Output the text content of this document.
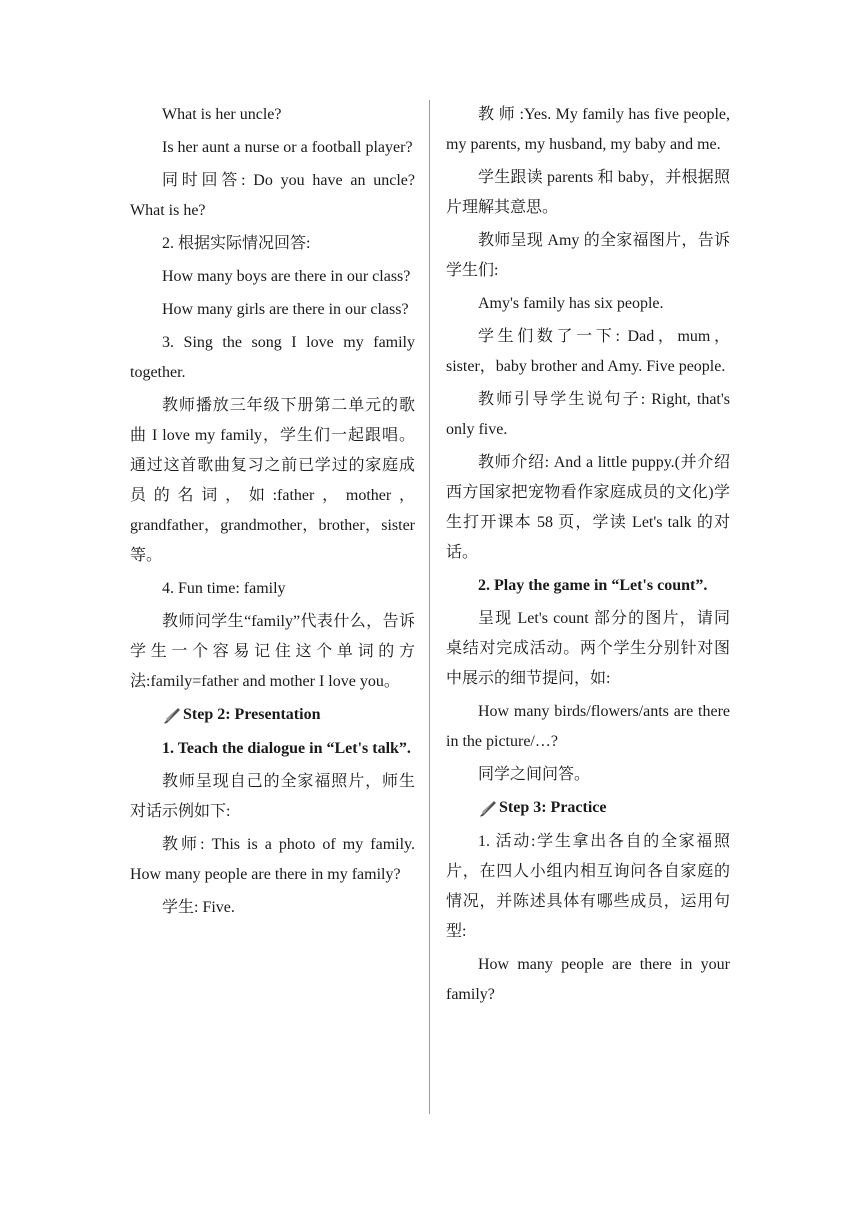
What is her uncle?

Is her aunt a nurse or a football player?

同时回答: Do you have an uncle? What is he?

2. 根据实际情况回答:

How many boys are there in our class?

How many girls are there in our class?

3. Sing the song I love my family together.

教师播放三年级下册第二单元的歌曲 I love my family，学生们一起跟唱。通过这首歌曲复习之前已学过的家庭成员的名词，如:father，mother，grandfather，grandmother，brother，sister 等。

4. Fun time: family

教师问学生“family”代表什么，告诉学生一个容易记住这个单词的方法:family=father and mother I love you。

Step 2: Presentation

1. Teach the dialogue in “Let's talk”.

教师呈现自己的全家福照片，师生对话示例如下:

教师: This is a photo of my family. How many people are there in my family?

学生: Five.

教 师 :Yes. My family has five people, my parents, my husband, my baby and me.

学生跟读 parents 和 baby，并根据照片理解其意思。

教师呈现 Amy 的全家福图片，告诉学生们:

Amy's family has six people.

学生们数了一下: Dad，mum，sister，baby brother and Amy. Five people.

教师引导学生说句子: Right, that's only five.

教师介绍: And a little puppy.(并介绍西方国家把宠物看作家庭成员的文化)学生打开课本 58 页，学读 Let's talk 的对话。

2. Play the game in “Let's count”.

呈现 Let's count 部分的图片，请同桌结对完成活动。两个学生分别针对图中展示的细节提问，如:

How many birds/flowers/ants are there in the picture/…?

同学之间问答。

Step 3: Practice

1. 活动:学生拿出各自的全家福照片，在四人小组内相互询问各自家庭的情况，并陈述具体有哪些成员，运用句型:

How many people are there in your family?
